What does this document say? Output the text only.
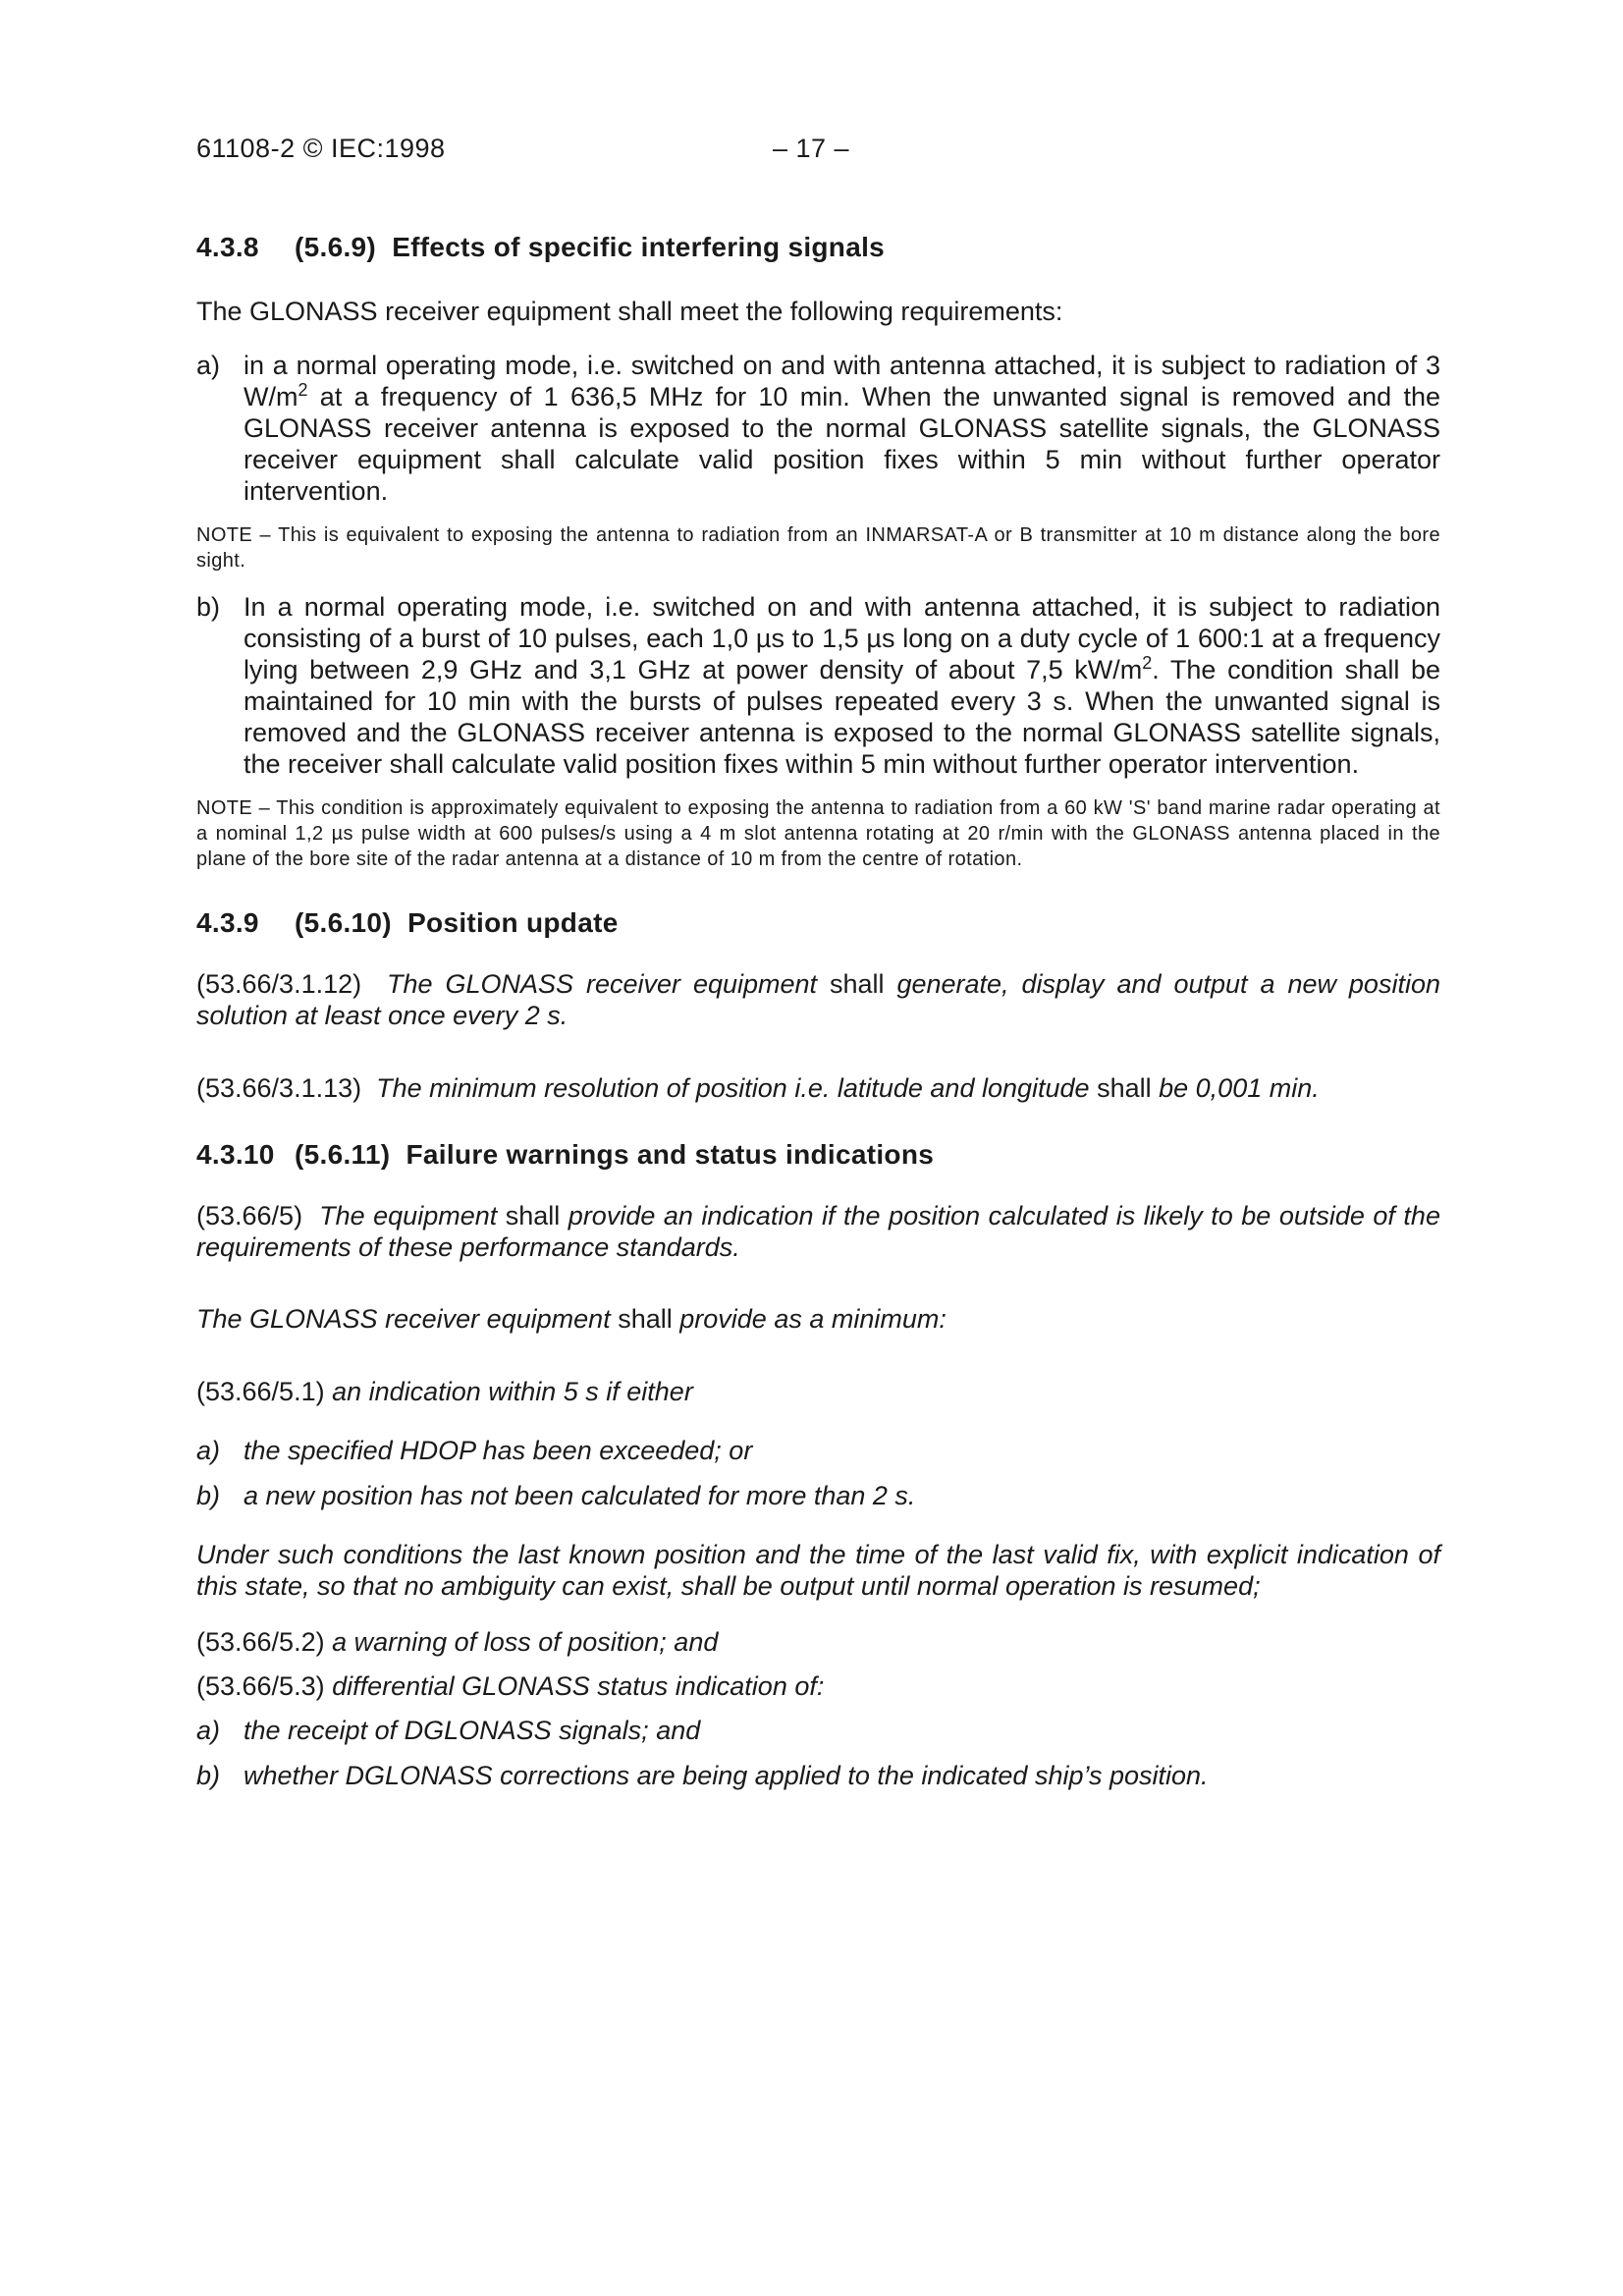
61108-2 © IEC:1998	– 17 –
4.3.8 (5.6.9) Effects of specific interfering signals

The GLONASS receiver equipment shall meet the following requirements:

a) in a normal operating mode, i.e. switched on and with antenna attached, it is subject to radiation of 3 $W/m^2$ at a frequency of 1 636,5 MHz for 10 min. When the unwanted signal is removed and the GLONASS receiver antenna is exposed to the normal GLONASS satellite signals, the GLONASS receiver equipment shall calculate valid position fixes within 5 min without further operator intervention.

NOTE – This is equivalent to exposing the antenna to radiation from an INMARSAT-A or B transmitter at 10 m distance along the bore sight.

b) In a normal operating mode, i.e. switched on and with antenna attached, it is subject to radiation consisting of a burst of 10 pulses, each 1,0 µs to 1,5 µs long on a duty cycle of 1 600:1 at a frequency lying between 2,9 GHz and 3,1 GHz at power density of about 7,5 $kW/m^2$. The condition shall be maintained for 10 min with the bursts of pulses repeated every 3 s. When the unwanted signal is removed and the GLONASS receiver antenna is exposed to the normal GLONASS satellite signals, the receiver shall calculate valid position fixes within 5 min without further operator intervention.

NOTE – This condition is approximately equivalent to exposing the antenna to radiation from a 60 kW 'S' band marine radar operating at a nominal 1,2 µs pulse width at 600 pulses/s using a 4 m slot antenna rotating at 20 r/min with the GLONASS antenna placed in the plane of the bore site of the radar antenna at a distance of 10 m from the centre of rotation.

4.3.9 (5.6.10) Position update

(53.66/3.1.12) The GLONASS receiver equipment shall generate, display and output a new position solution at least once every 2 s.

(53.66/3.1.13) The minimum resolution of position i.e. latitude and longitude shall be 0,001 min.

4.3.10 (5.6.11) Failure warnings and status indications

(53.66/5) The equipment shall provide an indication if the position calculated is likely to be outside of the requirements of these performance standards.

The GLONASS receiver equipment shall provide as a minimum:

(53.66/5.1) an indication within 5 s if either

a) the specified HDOP has been exceeded; or
b) a new position has not been calculated for more than 2 s.

Under such conditions the last known position and the time of the last valid fix, with explicit indication of this state, so that no ambiguity can exist, shall be output until normal operation is resumed;

(53.66/5.2) a warning of loss of position; and

(53.66/5.3) differential GLONASS status indication of:

a) the receipt of DGLONASS signals; and
b) whether DGLONASS corrections are being applied to the indicated ship’s position.
